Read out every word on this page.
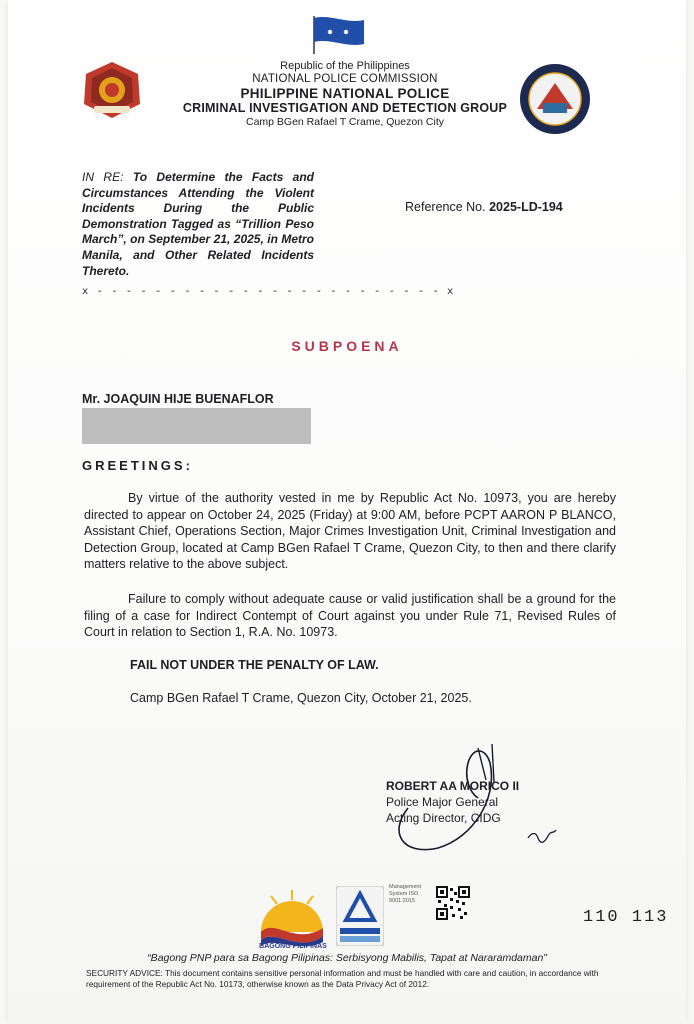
Republic of the Philippines
NATIONAL POLICE COMMISSION
PHILIPPINE NATIONAL POLICE
CRIMINAL INVESTIGATION AND DETECTION GROUP
Camp BGen Rafael T Crame, Quezon City
IN RE: To Determine the Facts and Circumstances Attending the Violent Incidents During the Public Demonstration Tagged as “Trillion Peso March”, on September 21, 2025, in Metro Manila, and Other Related Incidents Thereto.
x - - - - - - - - - - - - - - - - - - - - - - - - x
Reference No. 2025-LD-194
SUBPOENA
Mr. JOAQUIN HIJE BUENAFLOR
GREETINGS:
By virtue of the authority vested in me by Republic Act No. 10973, you are hereby directed to appear on October 24, 2025 (Friday) at 9:00 AM, before PCPT AARON P BLANCO, Assistant Chief, Operations Section, Major Crimes Investigation Unit, Criminal Investigation and Detection Group, located at Camp BGen Rafael T Crame, Quezon City, to then and there clarify matters relative to the above subject.
Failure to comply without adequate cause or valid justification shall be a ground for the filing of a case for Indirect Contempt of Court against you under Rule 71, Revised Rules of Court in relation to Section 1, R.A. No. 10973.
FAIL NOT UNDER THE PENALTY OF LAW.
Camp BGen Rafael T Crame, Quezon City, October 21, 2025.
ROBERT AA MORICO II
Police Major General
Acting Director, CIDG
BAGONG PILIPINAS
Management System ISO 9001:2015
110 113
“Bagong PNP para sa Bagong Pilipinas: Serbisyong Mabilis, Tapat at Nararamdaman”
SECURITY ADVICE: This document contains sensitive personal information and must be handled with care and caution, in accordance with requirement of the Republic Act No. 10173, otherwise known as the Data Privacy Act of 2012.
